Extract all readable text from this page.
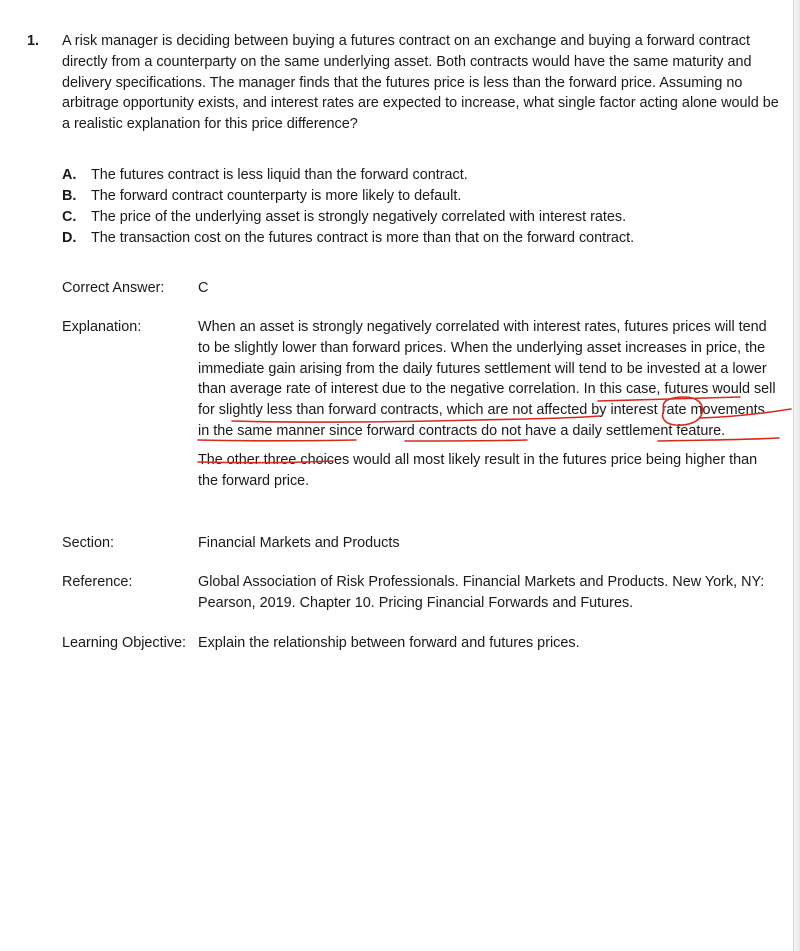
1. A risk manager is deciding between buying a futures contract on an exchange and buying a forward contract directly from a counterparty on the same underlying asset. Both contracts would have the same maturity and delivery specifications. The manager finds that the futures price is less than the forward price. Assuming no arbitrage opportunity exists, and interest rates are expected to increase, what single factor acting alone would be a realistic explanation for this price difference?
A. The futures contract is less liquid than the forward contract.
B. The forward contract counterparty is more likely to default.
C. The price of the underlying asset is strongly negatively correlated with interest rates.
D. The transaction cost on the futures contract is more than that on the forward contract.
Correct Answer: C
Explanation:	When an asset is strongly negatively correlated with interest rates, futures prices will tend to be slightly lower than forward prices. When the underlying asset increases in price, the immediate gain arising from the daily futures settlement will tend to be invested at a lower than average rate of interest due to the negative correlation. In this case, futures would sell for slightly less than forward contracts, which are not affected by interest rate movements in the same manner since forward contracts do not have a daily settlement feature.
The other three choices would all most likely result in the futures price being higher than the forward price.
Section:	Financial Markets and Products
Reference:	Global Association of Risk Professionals. Financial Markets and Products. New York, NY: Pearson, 2019. Chapter 10. Pricing Financial Forwards and Futures.
Learning Objective: Explain the relationship between forward and futures prices.
